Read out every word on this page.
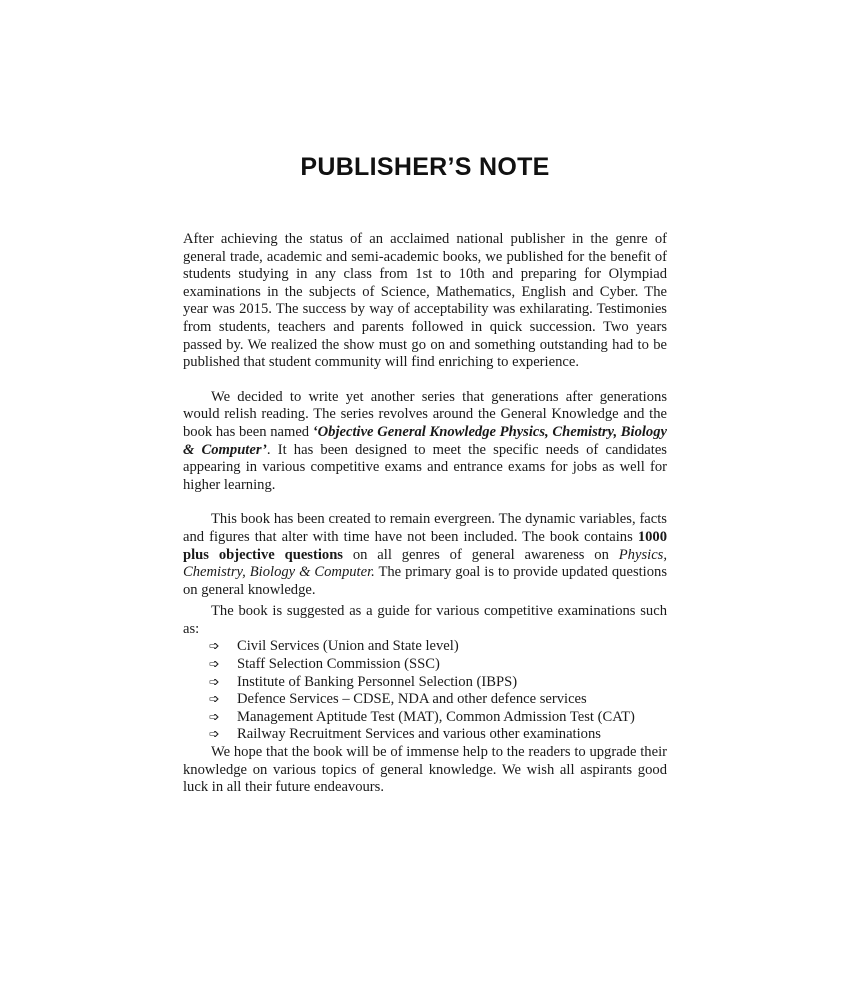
PUBLISHER’S NOTE

After achieving the status of an acclaimed national publisher in the genre of general trade, academic and semi-academic books, we published for the benefit of students studying in any class from 1st to 10th and preparing for Olympiad examinations in the subjects of Science, Mathematics, English and Cyber. The year was 2015. The success by way of acceptability was exhilarating. Testimonies from students, teachers and parents followed in quick succession. Two years passed by. We realized the show must go on and something outstanding had to be published that student community will find enriching to experience.

We decided to write yet another series that generations after generations would relish reading. The series revolves around the General Knowledge and the book has been named ‘Objective General Knowledge Physics, Chemistry, Biology & Computer’. It has been designed to meet the specific needs of candidates appearing in various competitive exams and entrance exams for jobs as well for higher learning.

This book has been created to remain evergreen. The dynamic variables, facts and figures that alter with time have not been included. The book contains 1000 plus objective questions on all genres of general awareness on Physics, Chemistry, Biology & Computer. The primary goal is to provide updated questions on general knowledge.

The book is suggested as a guide for various competitive examinations such as:

➩	Civil Services (Union and State level)
➩	Staff Selection Commission (SSC)
➩	Institute of Banking Personnel Selection (IBPS)
➩	Defence Services – CDSE, NDA and other defence services
➩	Management Aptitude Test (MAT), Common Admission Test (CAT)
➩	Railway Recruitment Services and various other examinations

We hope that the book will be of immense help to the readers to upgrade their knowledge on various topics of general knowledge. We wish all aspirants good luck in all their future endeavours.
